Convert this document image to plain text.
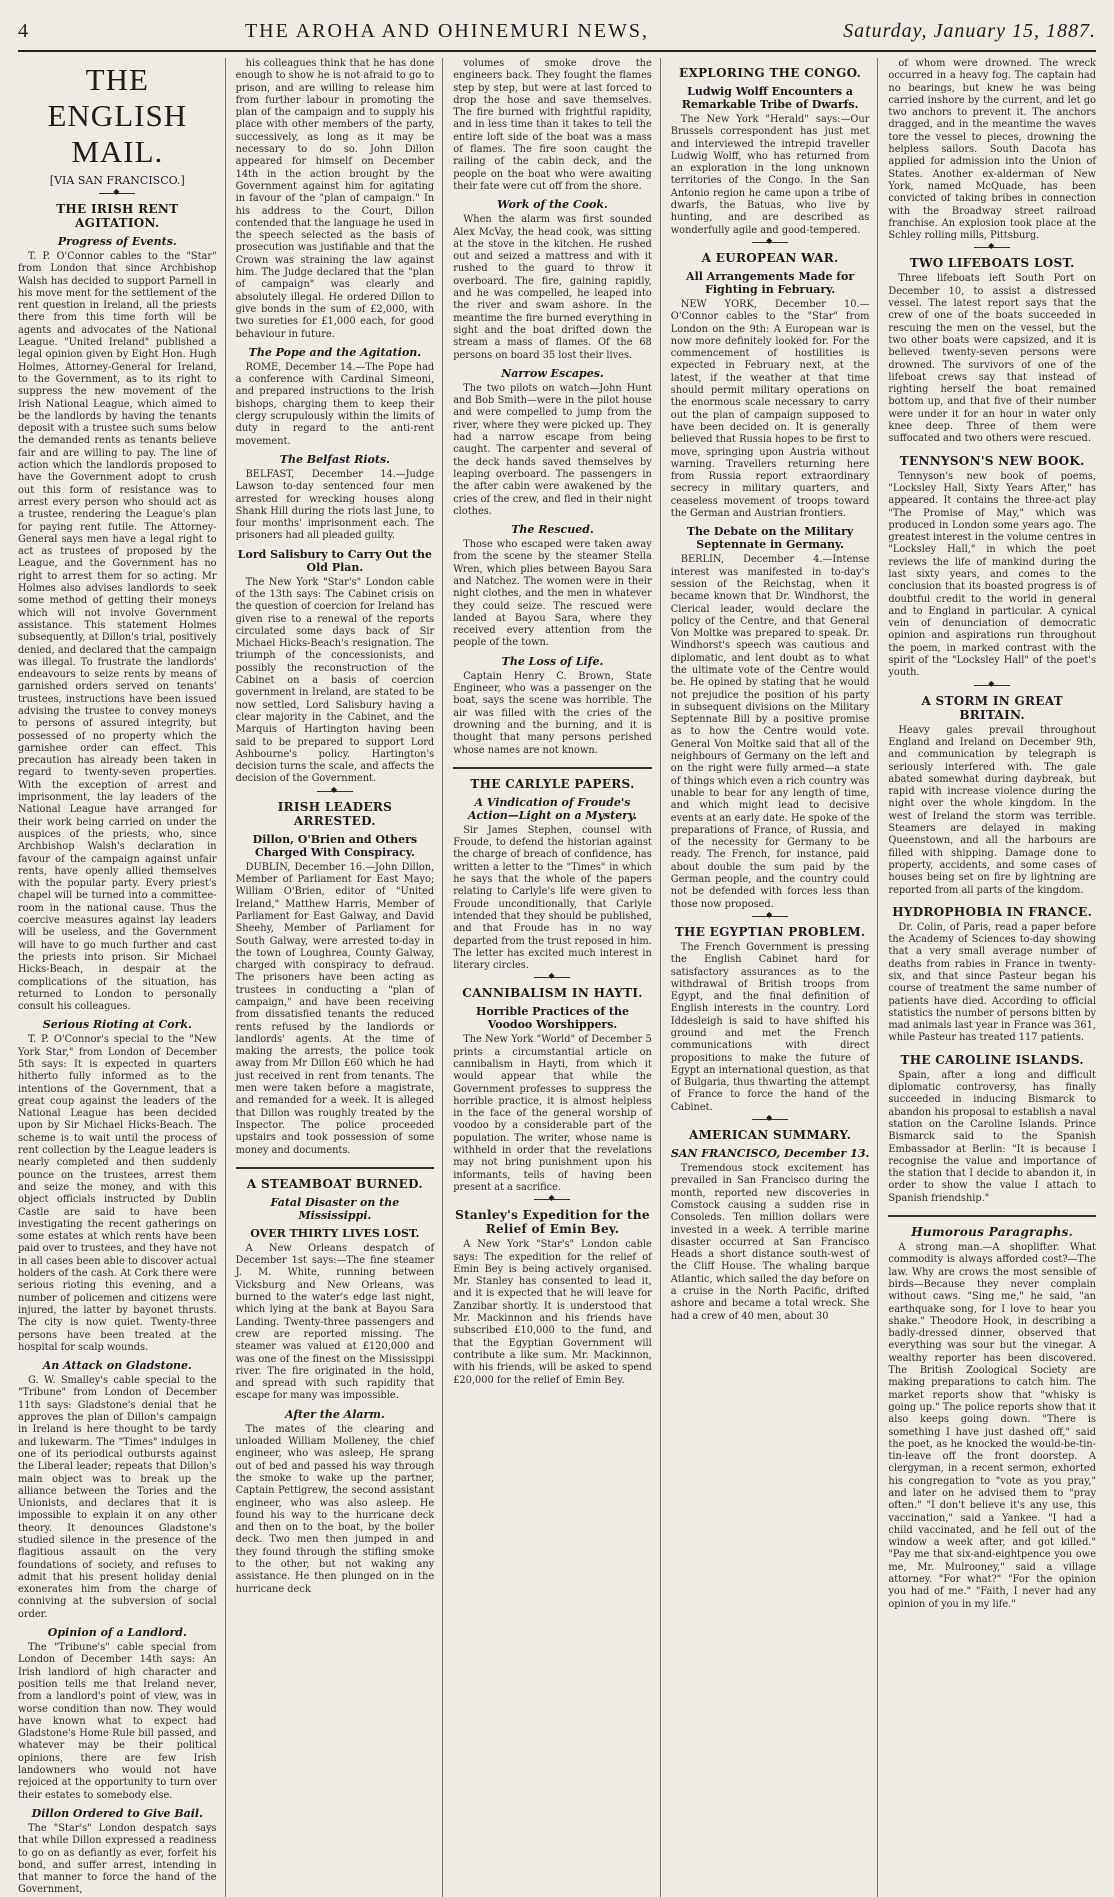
4	THE AROHA AND OHINEMURI NEWS,	Saturday, January 15, 1887.
THE ENGLISH MAIL.
[VIA SAN FRANCISCO.]
◆
THE IRISH RENT AGITATION.
Progress of Events.
T. P. O'Connor cables to the "Star" from London that since Archbishop Walsh has decided to support Parnell in his move ment for the settlement of the rent question in Ireland, all the priests there from this time forth will be agents and advocates of the National League. "United Ireland" published a legal opinion given by Eight Hon. Hugh Holmes, Attorney-General for Ireland, to the Government, as to its right to suppress the new movement of the Irish National League, which aimed to be the landlords by having the tenants deposit with a trustee such sums below the demanded rents as tenants believe fair and are willing to pay. The line of action which the landlords proposed to have the Government adopt to crush out this form of resistance was to arrest every person who should act as a trustee, rendering the League's plan for paying rent futile. The Attorney-General says men have a legal right to act as trustees of proposed by the League, and the Government has no right to arrest them for so acting. Mr Holmes also advises landlords to seek some method of getting their moneys which will not involve Government assistance. This statement Holmes subsequently, at Dillon's trial, positively denied, and declared that the campaign was illegal. To frustrate the landlords' endeavours to seize rents by means of garnished orders served on tenants' trustees, instructions have been issued advising the trustee to convey moneys to persons of assured integrity, but possessed of no property which the garnishee order can effect. This precaution has already been taken in regard to twenty-seven properties. With the exception of arrest and imprisonment, the lay leaders of the National League have arranged for their work being carried on under the auspices of the priests, who, since Archbishop Walsh's declaration in favour of the campaign against unfair rents, have openly allied themselves with the popular party. Every priest's chapel will be turned into a committee-room in the national cause. Thus the coercive measures against lay leaders will be useless, and the Government will have to go much further and cast the priests into prison. Sir Michael Hicks-Beach, in despair at the complications of the situation, has returned to London to personally consult his colleagues.
Serious Rioting at Cork.
T. P. O'Connor's special to the "New York Star," from London of December 5th says: It is expected in quarters hitherto fully informed as to the intentions of the Government, that a great coup against the leaders of the National League has been decided upon by Sir Michael Hicks-Beach. The scheme is to wait until the process of rent collection by the League leaders is nearly completed and then suddenly pounce on the trustees, arrest them and seize the money, and with this object officials instructed by Dublin Castle are said to have been investigating the recent gatherings on some estates at which rents have been paid over to trustees, and they have not in all cases been able to discover actual holders of the cash. At Cork there were serious rioting this evening, and a number of policemen and citizens were injured, the latter by bayonet thrusts. The city is now quiet. Twenty-three persons have been treated at the hospital for scalp wounds.
An Attack on Gladstone.
G. W. Smalley's cable special to the "Tribune" from London of December 11th says: Gladstone's denial that he approves the plan of Dillon's campaign in Ireland is here thought to be tardy and lukewarm. The "Times" indulges in one of its periodical outbursts against the Liberal leader; repeats that Dillon's main object was to break up the alliance between the Tories and the Unionists, and declares that it is impossible to explain it on any other theory. It denounces Gladstone's studied silence in the presence of the flagitious assault on the very foundations of society, and refuses to admit that his present holiday denial exonerates him from the charge of conniving at the subversion of social order.
Opinion of a Landlord.
The "Tribune's" cable special from London of December 14th says: An Irish landlord of high character and position tells me that Ireland never, from a landlord's point of view, was in worse condition than now. They would have known what to expect had Gladstone's Home Rule bill passed, and whatever may be their political opinions, there are few Irish landowners who would not have rejoiced at the opportunity to turn over their estates to somebody else.
Dillon Ordered to Give Bail.
The "Star's" London despatch says that while Dillon expressed a readiness to go on as defiantly as ever, forfeit his bond, and suffer arrest, intending in that manner to force the hand of the Government,
his colleagues think that he has done enough to show he is not afraid to go to prison, and are willing to release him from further labour in promoting the plan of the campaign and to supply his place with other members of the party, successively, as long as it may be necessary to do so. John Dillon appeared for himself on December 14th in the action brought by the Government against him for agitating in favour of the "plan of campaign." In his address to the Court, Dillon contended that the language he used in the speech selected as the basis of prosecution was justifiable and that the Crown was straining the law against him. The Judge declared that the "plan of campaign" was clearly and absolutely illegal. He ordered Dillon to give bonds in the sum of £2,000, with two sureties for £1,000 each, for good behaviour in future.
The Pope and the Agitation.
ROME, December 14.—The Pope had a conference with Cardinal Simeoni, and prepared instructions to the Irish bishops, charging them to keep their clergy scrupulously within the limits of duty in regard to the anti-rent movement.
The Belfast Riots.
BELFAST, December 14.—Judge Lawson to-day sentenced four men arrested for wrecking houses along Shank Hill during the riots last June, to four months' imprisonment each. The prisoners had all pleaded guilty.
Lord Salisbury to Carry Out the Old Plan.
The New York "Star's" London cable of the 13th says: The Cabinet crisis on the question of coercion for Ireland has given rise to a renewal of the reports circulated some days back of Sir Michael Hicks-Beach's resignation. The triumph of the concessionists, and possibly the reconstruction of the Cabinet on a basis of coercion government in Ireland, are stated to be now settled, Lord Salisbury having a clear majority in the Cabinet, and the Marquis of Hartington having been said to be prepared to support Lord Ashbourne's policy. Hartington's decision turns the scale, and affects the decision of the Government.
◆
IRISH LEADERS ARRESTED.
Dillon, O'Brien and Others Charged With Conspiracy.
DUBLIN, December 16.—John Dillon, Member of Parliament for East Mayo; William O'Brien, editor of "United Ireland," Matthew Harris, Member of Parliament for East Galway, and David Sheehy, Member of Parliament for South Galway, were arrested to-day in the town of Loughrea, County Galway, charged with conspiracy to defraud. The prisoners have been acting as trustees in conducting a "plan of campaign," and have been receiving from dissatisfied tenants the reduced rents refused by the landlords or landlords' agents. At the time of making the arrests, the police took away from Mr Dillon £60 which he had just received in rent from tenants. The men were taken before a magistrate, and remanded for a week. It is alleged that Dillon was roughly treated by the Inspector. The police proceeded upstairs and took possession of some money and documents.
A STEAMBOAT BURNED.
Fatal Disaster on the Mississippi.
OVER THIRTY LIVES LOST.
A New Orleans despatch of December 1st says:—The fine steamer J. M. White, running between Vicksburg and New Orleans, was burned to the water's edge last night, which lying at the bank at Bayou Sara Landing. Twenty-three passengers and crew are reported missing. The steamer was valued at £120,000 and was one of the finest on the Mississippi river. The fire originated in the hold, and spread with such rapidity that escape for many was impossible.
After the Alarm.
The mates of the clearing and unloaded William Molleney, the chief engineer, who was asleep, He sprang out of bed and passed his way through the smoke to wake up the partner, Captain Pettigrew, the second assistant engineer, who was also asleep. He found his way to the hurricane deck and then on to the boat, by the boiler deck. Two men then jumped in and they found through the stifling smoke to the other, but not waking any assistance. He then plunged on in the hurricane deck
volumes of smoke drove the engineers back. They fought the flames step by step, but were at last forced to drop the hose and save themselves. The fire burned with frightful rapidity, and in less time than it takes to tell the entire loft side of the boat was a mass of flames. The fire soon caught the railing of the cabin deck, and the people on the boat who were awaiting their fate were cut off from the shore.
Work of the Cook.
When the alarm was first sounded Alex McVay, the head cook, was sitting at the stove in the kitchen. He rushed out and seized a mattress and with it rushed to the guard to throw it overboard. The fire, gaining rapidly, and he was compelled, he leaped into the river and swam ashore. In the meantime the fire burned everything in sight and the boat drifted down the stream a mass of flames. Of the 68 persons on board 35 lost their lives.
Narrow Escapes.
The two pilots on watch—John Hunt and Bob Smith—were in the pilot house and were compelled to jump from the river, where they were picked up. They had a narrow escape from being caught. The carpenter and several of the deck hands saved themselves by leaping overboard. The passengers in the after cabin were awakened by the cries of the crew, and fled in their night clothes.
The Rescued.
Those who escaped were taken away from the scene by the steamer Stella Wren, which plies between Bayou Sara and Natchez. The women were in their night clothes, and the men in whatever they could seize. The rescued were landed at Bayou Sara, where they received every attention from the people of the town.
The Loss of Life.
Captain Henry C. Brown, State Engineer, who was a passenger on the boat, says the scene was horrible. The air was filled with the cries of the drowning and the burning, and it is thought that many persons perished whose names are not known.
THE CARLYLE PAPERS.
A Vindication of Froude's Action—Light on a Mystery.
Sir James Stephen, counsel with Froude, to defend the historian against the charge of breach of confidence, has written a letter to the "Times" in which he says that the whole of the papers relating to Carlyle's life were given to Froude unconditionally, that Carlyle intended that they should be published, and that Froude has in no way departed from the trust reposed in him. The letter has excited much interest in literary circles.
◆
CANNIBALISM IN HAYTI.
Horrible Practices of the Voodoo Worshippers.
The New York "World" of December 5 prints a circumstantial article on cannibalism in Hayti, from which it would appear that while the Government professes to suppress the horrible practice, it is almost helpless in the face of the general worship of voodoo by a considerable part of the population. The writer, whose name is withheld in order that the revelations may not bring punishment upon his informants, tells of having been present at a sacrifice.
◆
Stanley's Expedition for the Relief of Emin Bey.
A New York "Star's" London cable says: The expedition for the relief of Emin Bey is being actively organised. Mr. Stanley has consented to lead it, and it is expected that he will leave for Zanzibar shortly. It is understood that Mr. Mackinnon and his friends have subscribed £10,000 to the fund, and that the Egyptian Government will contribute a like sum. Mr. Mackinnon, with his friends, will be asked to spend £20,000 for the relief of Emin Bey.
EXPLORING THE CONGO.
Ludwig Wolff Encounters a Remarkable Tribe of Dwarfs.
The New York "Herald" says:—Our Brussels correspondent has just met and interviewed the intrepid traveller Ludwig Wolff, who has returned from an exploration in the long unknown territories of the Congo. In the San Antonio region he came upon a tribe of dwarfs, the Batuas, who live by hunting, and are described as wonderfully agile and good-tempered.
◆
A EUROPEAN WAR.
All Arrangements Made for Fighting in February.
NEW YORK, December 10.—O'Connor cables to the "Star" from London on the 9th: A European war is now more definitely looked for. For the commencement of hostilities is expected in February next, at the latest, if the weather at that time should permit military operations on the enormous scale necessary to carry out the plan of campaign supposed to have been decided on. It is generally believed that Russia hopes to be first to move, springing upon Austria without warning. Travellers returning here from Russia report extraordinary secrecy in military quarters, and ceaseless movement of troops toward the German and Austrian frontiers.
The Debate on the Military Septennate in Germany.
BERLIN, December 4.—Intense interest was manifested in to-day's session of the Reichstag, when it became known that Dr. Windhorst, the Clerical leader, would declare the policy of the Centre, and that General Von Moltke was prepared to speak. Dr. Windhorst's speech was cautious and diplomatic, and lent doubt as to what the ultimate vote of the Centre would be. He opined by stating that he would not prejudice the position of his party in subsequent divisions on the Military Septennate Bill by a positive promise as to how the Centre would vote. General Von Moltke said that all of the neighbours of Germany on the left and on the right were fully armed—a state of things which even a rich country was unable to bear for any length of time, and which might lead to decisive events at an early date. He spoke of the preparations of France, of Russia, and of the necessity for Germany to be ready. The French, for instance, paid about double the sum paid by the German people, and the country could not be defended with forces less than those now proposed.
◆
THE EGYPTIAN PROBLEM.
The French Government is pressing the English Cabinet hard for satisfactory assurances as to the withdrawal of British troops from Egypt, and the final definition of English interests in the country. Lord Iddesleigh is said to have shifted his ground and met the French communications with direct propositions to make the future of Egypt an international question, as that of Bulgaria, thus thwarting the attempt of France to force the hand of the Cabinet.
◆
AMERICAN SUMMARY.
SAN FRANCISCO, December 13.
Tremendous stock excitement has prevailed in San Francisco during the month, reported new discoveries in Comstock causing a sudden rise in Consoleds. Ten million dollars were invested in a week. A terrible marine disaster occurred at San Francisco Heads a short distance south-west of the Cliff House. The whaling barque Atlantic, which sailed the day before on a cruise in the North Pacific, drifted ashore and became a total wreck. She had a crew of 40 men, about 30
of whom were drowned. The wreck occurred in a heavy fog. The captain had no bearings, but knew he was being carried inshore by the current, and let go two anchors to prevent it. The anchors dragged, and in the meantime the waves tore the vessel to pieces, drowning the helpless sailors. South Dacota has applied for admission into the Union of States. Another ex-alderman of New York, named McQuade, has been convicted of taking bribes in connection with the Broadway street railroad franchise. An explosion took place at the Schley rolling mills, Pittsburg.
◆
TWO LIFEBOATS LOST.
Three lifeboats left South Port on December 10, to assist a distressed vessel. The latest report says that the crew of one of the boats succeeded in rescuing the men on the vessel, but the two other boats were capsized, and it is believed twenty-seven persons were drowned. The survivors of one of the lifeboat crews say that instead of righting herself the boat remained bottom up, and that five of their number were under it for an hour in water only knee deep. Three of them were suffocated and two others were rescued.
TENNYSON'S NEW BOOK.
Tennyson's new book of poems, "Locksley Hall, Sixty Years After," has appeared. It contains the three-act play "The Promise of May," which was produced in London some years ago. The greatest interest in the volume centres in "Locksley Hall," in which the poet reviews the life of mankind during the last sixty years, and comes to the conclusion that its boasted progress is of doubtful credit to the world in general and to England in particular. A cynical vein of denunciation of democratic opinion and aspirations run throughout the poem, in marked contrast with the spirit of the "Locksley Hall" of the poet's youth.
◆
A STORM IN GREAT BRITAIN.
Heavy gales prevail throughout England and Ireland on December 9th, and communication by telegraph is seriously interfered with. The gale abated somewhat during daybreak, but rapid with increase violence during the night over the whole kingdom. In the west of Ireland the storm was terrible. Steamers are delayed in making Queenstown, and all the harbours are filled with shipping. Damage done to property, accidents, and some cases of houses being set on fire by lightning are reported from all parts of the kingdom.
HYDROPHOBIA IN FRANCE.
Dr. Colin, of Paris, read a paper before the Academy of Sciences to-day showing that a very small average number of deaths from rabies in France in twenty-six, and that since Pasteur began his course of treatment the same number of patients have died. According to official statistics the number of persons bitten by mad animals last year in France was 361, while Pasteur has treated 117 patients.
THE CAROLINE ISLANDS.
Spain, after a long and difficult diplomatic controversy, has finally succeeded in inducing Bismarck to abandon his proposal to establish a naval station on the Caroline Islands. Prince Bismarck said to the Spanish Embassador at Berlin: "It is because I recognise the value and importance of the station that I decide to abandon it, in order to show the value I attach to Spanish friendship."
Humorous Paragraphs.
A strong man.—A shoplifter. What commodity is always afforded cost?—The law. Why are crows the most sensible of birds—Because they never complain without caws. "Sing me," he said, "an earthquake song, for I love to hear you shake." Theodore Hook, in describing a badly-dressed dinner, observed that everything was sour but the vinegar. A wealthy reporter has been discovered. The British Zoological Society are making preparations to catch him. The market reports show that "whisky is going up." The police reports show that it also keeps going down. "There is something I have just dashed off," said the poet, as he knocked the would-be-tin-tin-leave off the front doorstep. A clergyman, in a recent sermon, exhorted his congregation to "vote as you pray," and later on he advised them to "pray often." "I don't believe it's any use, this vaccination," said a Yankee. "I had a child vaccinated, and he fell out of the window a week after, and got killed." "Pay me that six-and-eightpence you owe me, Mr. Mulrooney," said a village attorney. "For what?" "For the opinion you had of me." "Faith, I never had any opinion of you in my life."
